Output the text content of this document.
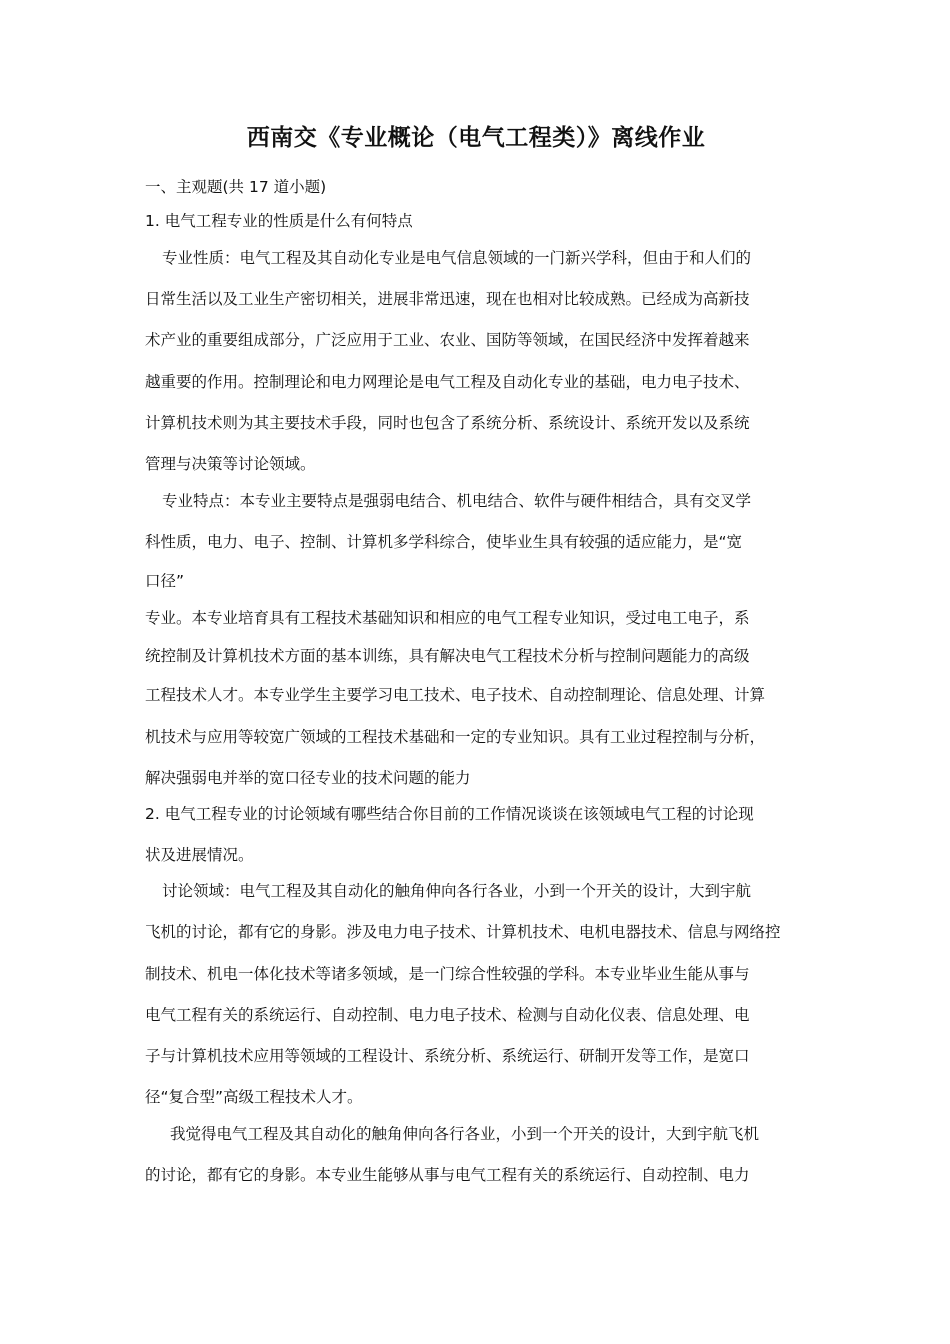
西南交《专业概论（电气工程类）》离线作业

一、主观题(共 17 道小题)

1. 电气工程专业的性质是什么有何特点

专业性质：电气工程及其自动化专业是电气信息领域的一门新兴学科，但由于和人们的

日常生活以及工业生产密切相关，进展非常迅速，现在也相对比较成熟。已经成为高新技

术产业的重要组成部分，广泛应用于工业、农业、国防等领域，在国民经济中发挥着越来

越重要的作用。控制理论和电力网理论是电气工程及自动化专业的基础，电力电子技术、

计算机技术则为其主要技术手段，同时也包含了系统分析、系统设计、系统开发以及系统

管理与决策等讨论领域。

专业特点：本专业主要特点是强弱电结合、机电结合、软件与硬件相结合，具有交叉学

科性质，电力、电子、控制、计算机多学科综合，使毕业生具有较强的适应能力，是“宽

口径”

专业。本专业培育具有工程技术基础知识和相应的电气工程专业知识，受过电工电子，系

统控制及计算机技术方面的基本训练，具有解决电气工程技术分析与控制问题能力的高级

工程技术人才。本专业学生主要学习电工技术、电子技术、自动控制理论、信息处理、计算

机技术与应用等较宽广领域的工程技术基础和一定的专业知识。具有工业过程控制与分析，

解决强弱电并举的宽口径专业的技术问题的能力

2. 电气工程专业的讨论领域有哪些结合你目前的工作情况谈谈在该领域电气工程的讨论现

状及进展情况。

讨论领域：电气工程及其自动化的触角伸向各行各业，小到一个开关的设计，大到宇航

飞机的讨论，都有它的身影。涉及电力电子技术、计算机技术、电机电器技术、信息与网络控

制技术、机电一体化技术等诸多领域，是一门综合性较强的学科。本专业毕业生能从事与

电气工程有关的系统运行、自动控制、电力电子技术、检测与自动化仪表、信息处理、电

子与计算机技术应用等领域的工程设计、系统分析、系统运行、研制开发等工作，是宽口

径“复合型”高级工程技术人才。

我觉得电气工程及其自动化的触角伸向各行各业，小到一个开关的设计，大到宇航飞机

的讨论，都有它的身影。本专业生能够从事与电气工程有关的系统运行、自动控制、电力
